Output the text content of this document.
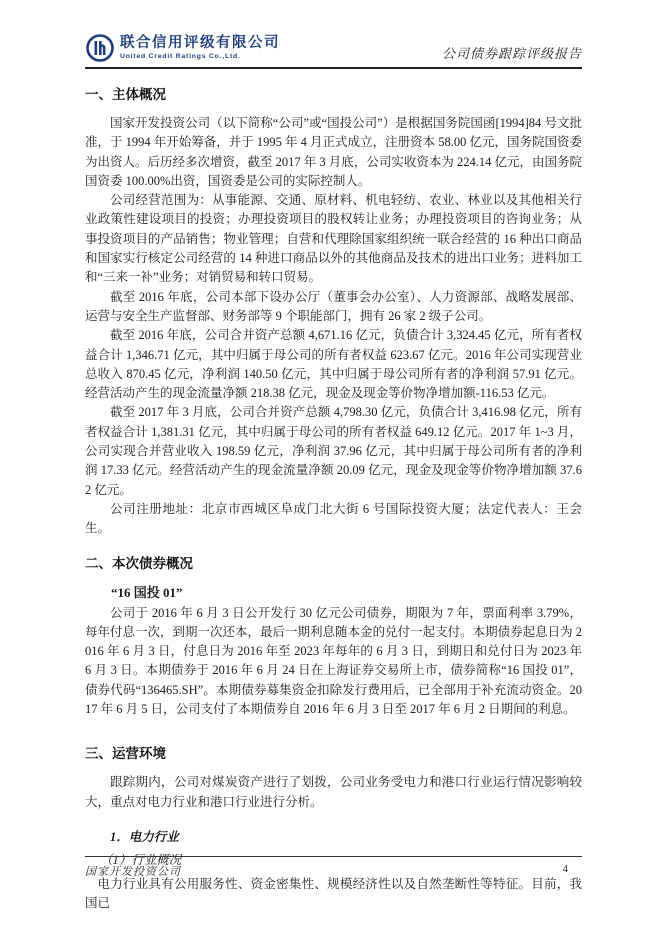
联合信用评级有限公司
United Credit Ratings Co.,Ltd.	公司债券跟踪评级报告
一、主体概况

国家开发投资公司（以下简称“公司”或“国投公司”）是根据国务院国函[1994]84 号文批准，于 1994 年开始筹备，并于 1995 年 4 月正式成立，注册资本 58.00 亿元，国务院国资委为出资人。后历经多次增资，截至 2017 年 3 月底，公司实收资本为 224.14 亿元，由国务院国资委 100.00%出资，国资委是公司的实际控制人。

公司经营范围为：从事能源、交通、原材料、机电轻纺、农业、林业以及其他相关行业政策性建设项目的投资；办理投资项目的股权转让业务；办理投资项目的咨询业务；从事投资项目的产品销售；物业管理；自营和代理除国家组织统一联合经营的 16 种出口商品和国家实行核定公司经营的 14 种进口商品以外的其他商品及技术的进出口业务；进料加工和“三来一补”业务；对销贸易和转口贸易。

截至 2016 年底，公司本部下设办公厅（董事会办公室）、人力资源部、战略发展部、运营与安全生产监督部、财务部等 9 个职能部门，拥有 26 家 2 级子公司。

截至 2016 年底，公司合并资产总额 4,671.16 亿元，负债合计 3,324.45 亿元，所有者权益合计 1,346.71 亿元，其中归属于母公司的所有者权益 623.67 亿元。2016 年公司实现营业总收入 870.45 亿元，净利润 140.50 亿元，其中归属于母公司所有者的净利润 57.91 亿元。经营活动产生的现金流量净额 218.38 亿元，现金及现金等价物净增加额-116.53 亿元。

截至 2017 年 3 月底，公司合并资产总额 4,798.30 亿元，负债合计 3,416.98 亿元，所有者权益合计 1,381.31 亿元，其中归属于母公司的所有者权益 649.12 亿元。2017 年 1~3 月，公司实现合并营业收入 198.59 亿元，净利润 37.96 亿元，其中归属于母公司所有者的净利润 17.33 亿元。经营活动产生的现金流量净额 20.09 亿元，现金及现金等价物净增加额 37.62 亿元。

公司注册地址：北京市西城区阜成门北大街 6 号国际投资大厦；法定代表人：王会生。

二、本次债券概况
“16 国投 01”

公司于 2016 年 6 月 3 日公开发行 30 亿元公司债券，期限为 7 年，票面利率 3.79%，每年付息一次，到期一次还本，最后一期利息随本金的兑付一起支付。本期债券起息日为 2016 年 6 月 3 日，付息日为 2016 年至 2023 年每年的 6 月 3 日，到期日和兑付日为 2023 年 6 月 3 日。本期债券于 2016 年 6 月 24 日在上海证券交易所上市，债券简称“16 国投 01”，债券代码“136465.SH”。本期债券募集资金扣除发行费用后，已全部用于补充流动资金。2017 年 6 月 5 日，公司支付了本期债券自 2016 年 6 月 3 日至 2017 年 6 月 2 日期间的利息。

三、运营环境

跟踪期内，公司对煤炭资产进行了划拨，公司业务受电力和港口行业运行情况影响较大，重点对电力行业和港口行业进行分析。

1．电力行业
（1）行业概况

电力行业具有公用服务性、资金密集性、规模经济性以及自然垄断性等特征。目前，我国已

国家开发投资公司	4
